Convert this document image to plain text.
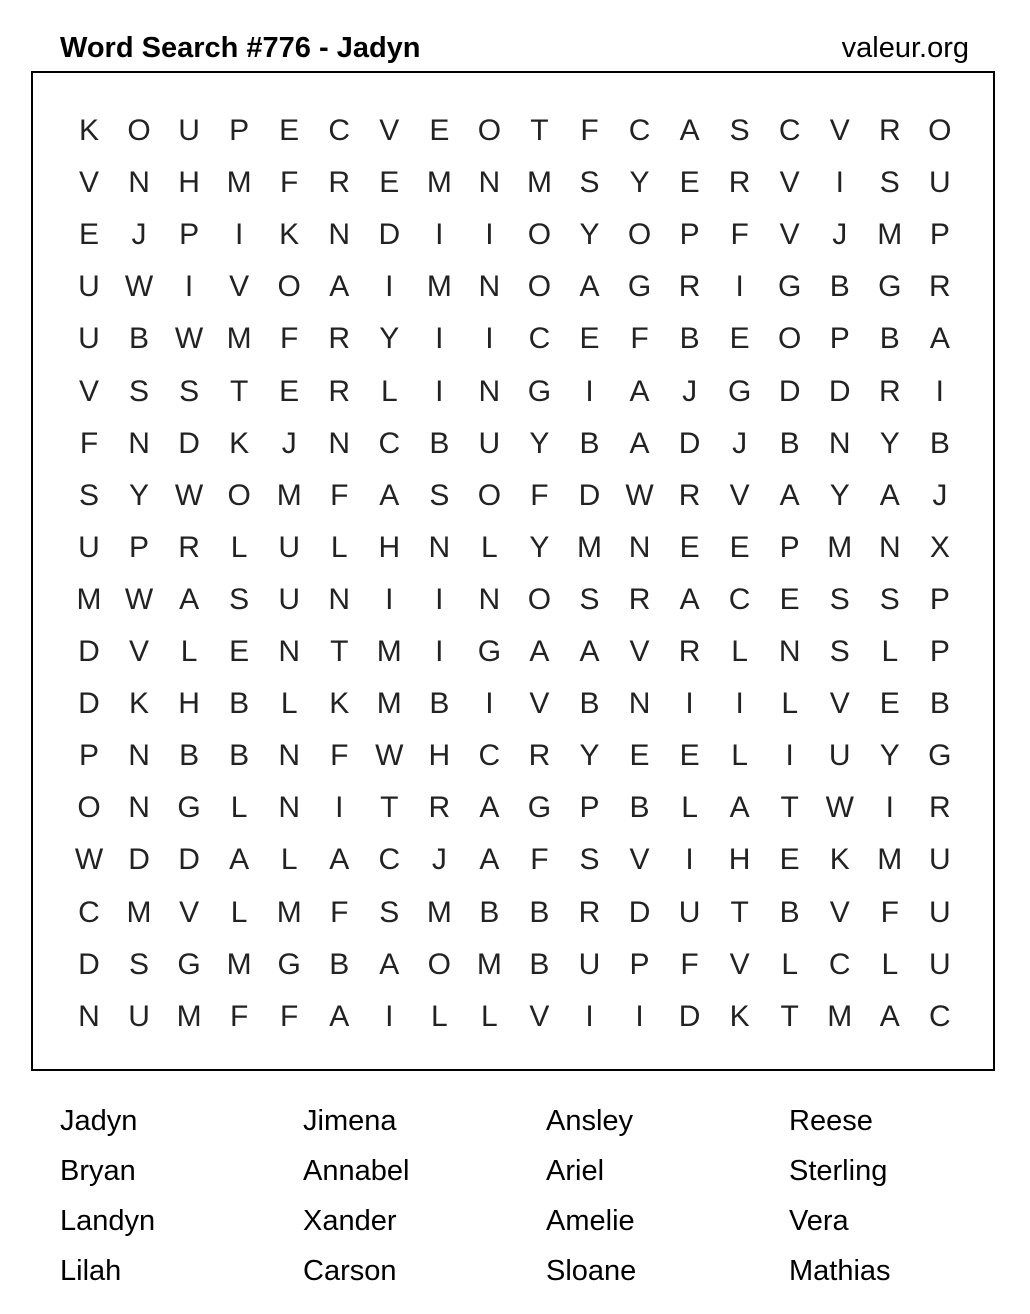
Word Search #776 - Jadyn	valeur.org
K O U P	E C V	E O T	F	C A	S C V R O
V N H M F	R E M N M S	Y	E R V	I	S U
E	J	P	I	K N D	I	I	O Y O P	F	V	J	M P
U W	I	V O A	I	M N O A G R	I	G B G R
U B W M F	R Y	I	I	C E	F	B	E O P	B	A
V	S	S	T	E R	L	I	N G	I	A	J	G D D R	I
F	N D K	J	N C B U Y	B	A D	J	B N Y	B
S	Y W O M F	A	S O F	D W R V	A	Y	A	J
U P R	L	U	L	H N	L	Y M N E	E	P M N X
M W A	S U N	I	I	N O S R A C E	S	S	P
D V	L	E N	T M	I	G A	A	V R	L	N S	L	P
D K H B	L	K M B	I	V	B N	I	I	L	V	E	B
P N B	B N	F W H C R Y	E	E	L	I	U Y G
O N G	L	N	I	T	R A G P	B	L	A	T W	I	R
W D D A	L	A C	J	A	F	S	V	I	H E	K M U
C M V	L M F	S M B	B R D U	T	B	V	F	U
D S G M G B	A O M B U P	F	V	L	C	L	U
N U M F	F	A	I	L	L	V	I	I	D K	T M A C
Jadyn	Jimena	Ansley	Reese
Bryan	Annabel	Ariel	Sterling
Landyn	Xander	Amelie	Vera
Lilah	Carson	Sloane	Mathias
